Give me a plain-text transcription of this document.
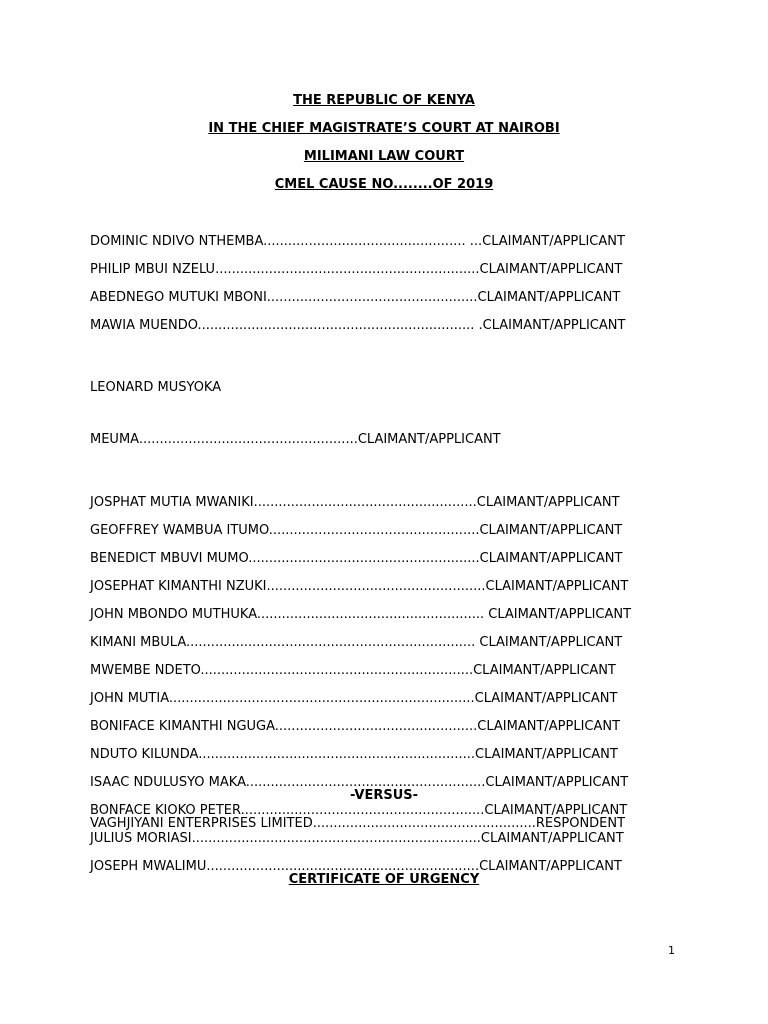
THE REPUBLIC OF KENYA
IN THE CHIEF MAGISTRATE’S COURT AT NAIROBI
MILIMANI LAW COURT
CMEL CAUSE NO........OF 2019
DOMINIC NDIVO NTHEMBA................................................. ...CLAIMANT/APPLICANT
PHILIP MBUI NZELU................................................................CLAIMANT/APPLICANT
ABEDNEGO MUTUKI MBONI...................................................CLAIMANT/APPLICANT
MAWIA MUENDO................................................................... .CLAIMANT/APPLICANT

LEONARD MUSYOKA

MEUMA.....................................................CLAIMANT/APPLICANT

JOSPHAT MUTIA MWANIKI......................................................CLAIMANT/APPLICANT
GEOFFREY WAMBUA ITUMO...................................................CLAIMANT/APPLICANT
BENEDICT MBUVI MUMO........................................................CLAIMANT/APPLICANT
JOSEPHAT KIMANTHI NZUKI.....................................................CLAIMANT/APPLICANT
JOHN MBONDO MUTHUKA....................................................... CLAIMANT/APPLICANT
KIMANI MBULA...................................................................... CLAIMANT/APPLICANT
MWEMBE NDETO..................................................................CLAIMANT/APPLICANT
JOHN MUTIA..........................................................................CLAIMANT/APPLICANT
BONIFACE KIMANTHI NGUGA.................................................CLAIMANT/APPLICANT
NDUTO KILUNDA...................................................................CLAIMANT/APPLICANT
ISAAC NDULUSYO MAKA..........................................................CLAIMANT/APPLICANT
BONFACE KIOKO PETER...........................................................CLAIMANT/APPLICANT
JULIUS MORIASI......................................................................CLAIMANT/APPLICANT
JOSEPH MWALIMU..................................................................CLAIMANT/APPLICANT
-VERSUS-
VAGHJIYANI ENTERPRISES LIMITED......................................................RESPONDENT
CERTIFICATE OF URGENCY
1
